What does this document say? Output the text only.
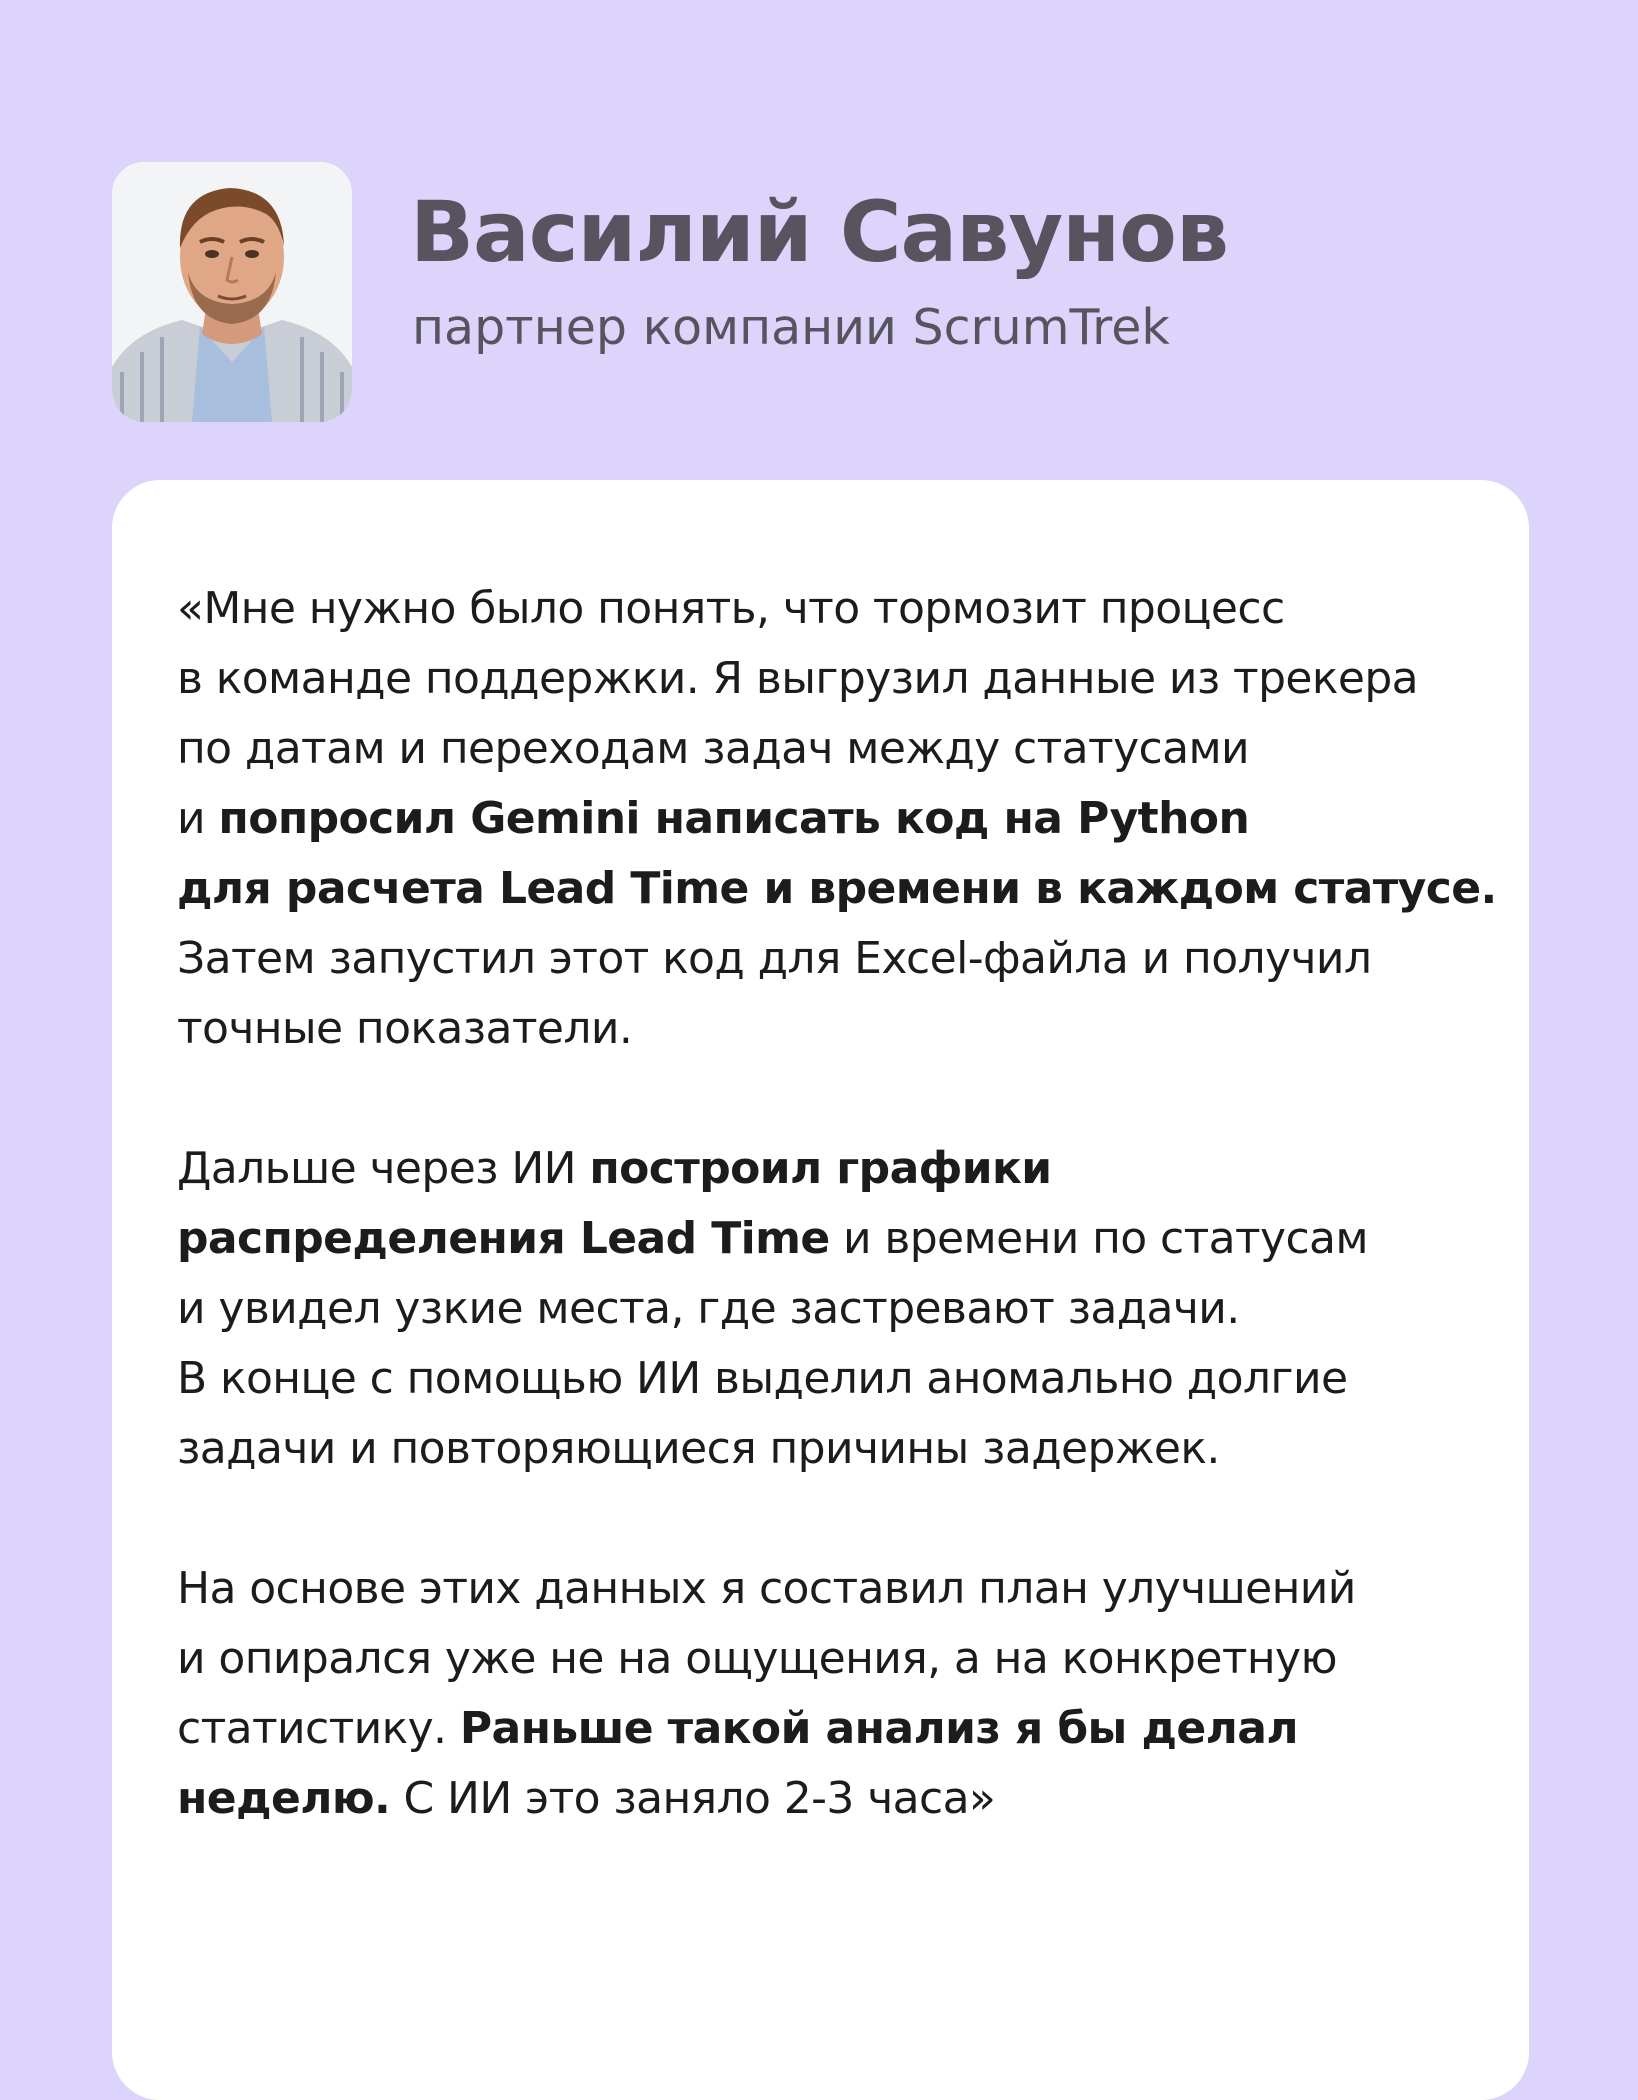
Василий Савунов
партнер компании ScrumTrek

«Мне нужно было понять, что тормозит процесс
в команде поддержки. Я выгрузил данные из трекера
по датам и переходам задач между статусами
и попросил Gemini написать код на Python
для расчета Lead Time и времени в каждом статусе.
Затем запустил этот код для Excel-файла и получил
точные показатели.

Дальше через ИИ построил графики
распределения Lead Time и времени по статусам
и увидел узкие места, где застревают задачи.
В конце с помощью ИИ выделил аномально долгие
задачи и повторяющиеся причины задержек.

На основе этих данных я составил план улучшений
и опирался уже не на ощущения, а на конкретную
статистику. Раньше такой анализ я бы делал
неделю. С ИИ это заняло 2-3 часа»
